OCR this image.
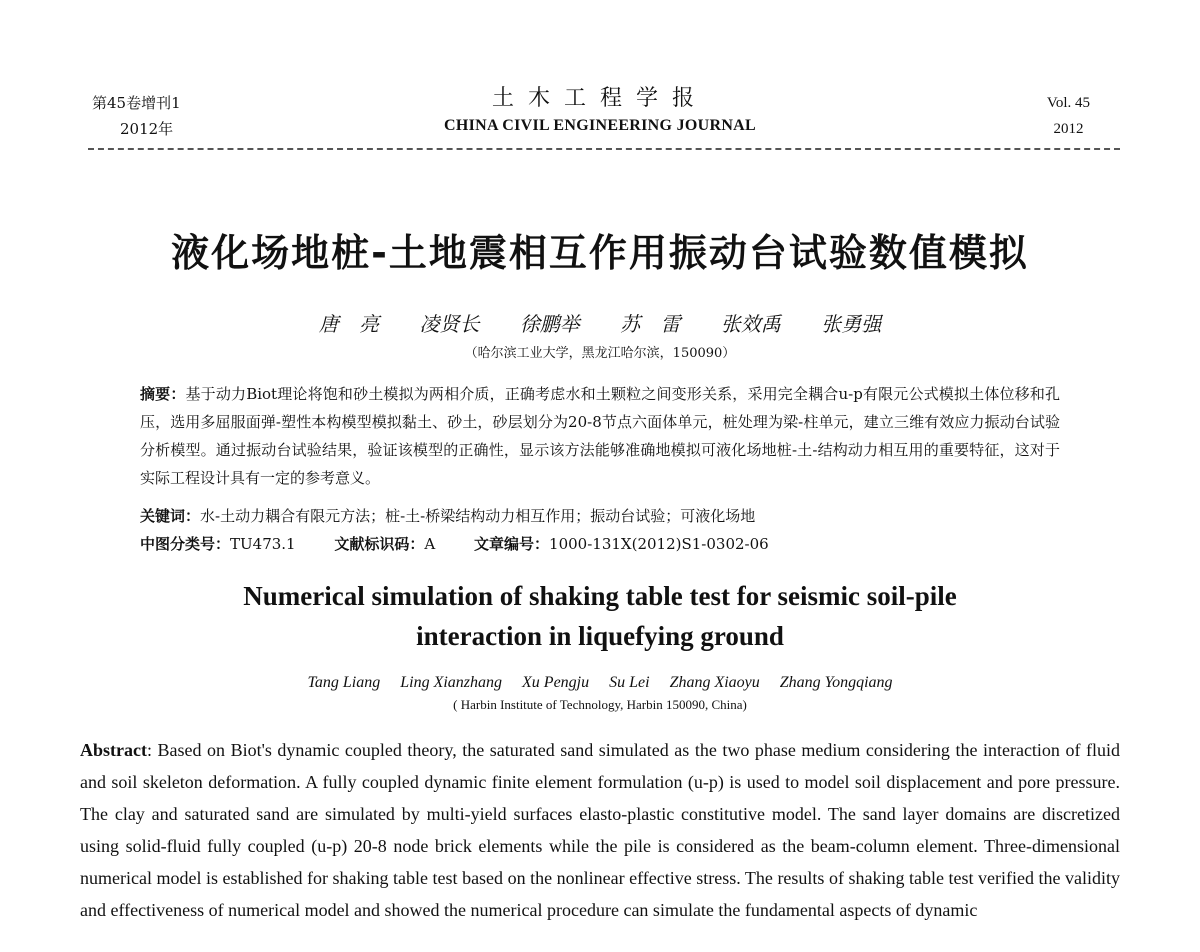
第45卷增刊1
2012年
土木工程学报
CHINA CIVIL ENGINEERING JOURNAL
Vol. 45
2012
液化场地桩-土地震相互作用振动台试验数值模拟
唐 亮 凌贤长 徐鹏举 苏 雷 张效禹 张勇强
（哈尔滨工业大学，黑龙江哈尔滨，150090）
摘要：基于动力Biot理论将饱和砂土模拟为两相介质，正确考虑水和土颗粒之间变形关系，采用完全耦合u-p有限元公式模拟土体位移和孔压，选用多屈服面弹-塑性本构模型模拟黏土、砂土，砂层划分为20-8节点六面体单元，桩处理为梁-柱单元，建立三维有效应力振动台试验分析模型。通过振动台试验结果，验证该模型的正确性，显示该方法能够准确地模拟可液化场地桩-土-结构动力相互用的重要特征，这对于实际工程设计具有一定的参考意义。
关键词：水-土动力耦合有限元方法；桩-土-桥梁结构动力相互作用；振动台试验；可液化场地
中图分类号：TU473.1	文献标识码：A	文章编号：1000-131X(2012)S1-0302-06
Numerical simulation of shaking table test for seismic soil-pile
interaction in liquefying ground
Tang Liang Ling Xianzhang Xu Pengju Su Lei Zhang Xiaoyu Zhang Yongqiang
( Harbin Institute of Technology, Harbin 150090, China)
Abstract: Based on Biot's dynamic coupled theory, the saturated sand simulated as the two phase medium considering the interaction of fluid and soil skeleton deformation. A fully coupled dynamic finite element formulation (u-p) is used to model soil displacement and pore pressure. The clay and saturated sand are simulated by multi-yield surfaces elasto-plastic constitutive model. The sand layer domains are discretized using solid-fluid fully coupled (u-p) 20-8 node brick elements while the pile is considered as the beam-column element. Three-dimensional numerical model is established for shaking table test based on the nonlinear effective stress. The results of shaking table test verified the validity and effectiveness of numerical model and showed the numerical procedure can simulate the fundamental aspects of dynamic
